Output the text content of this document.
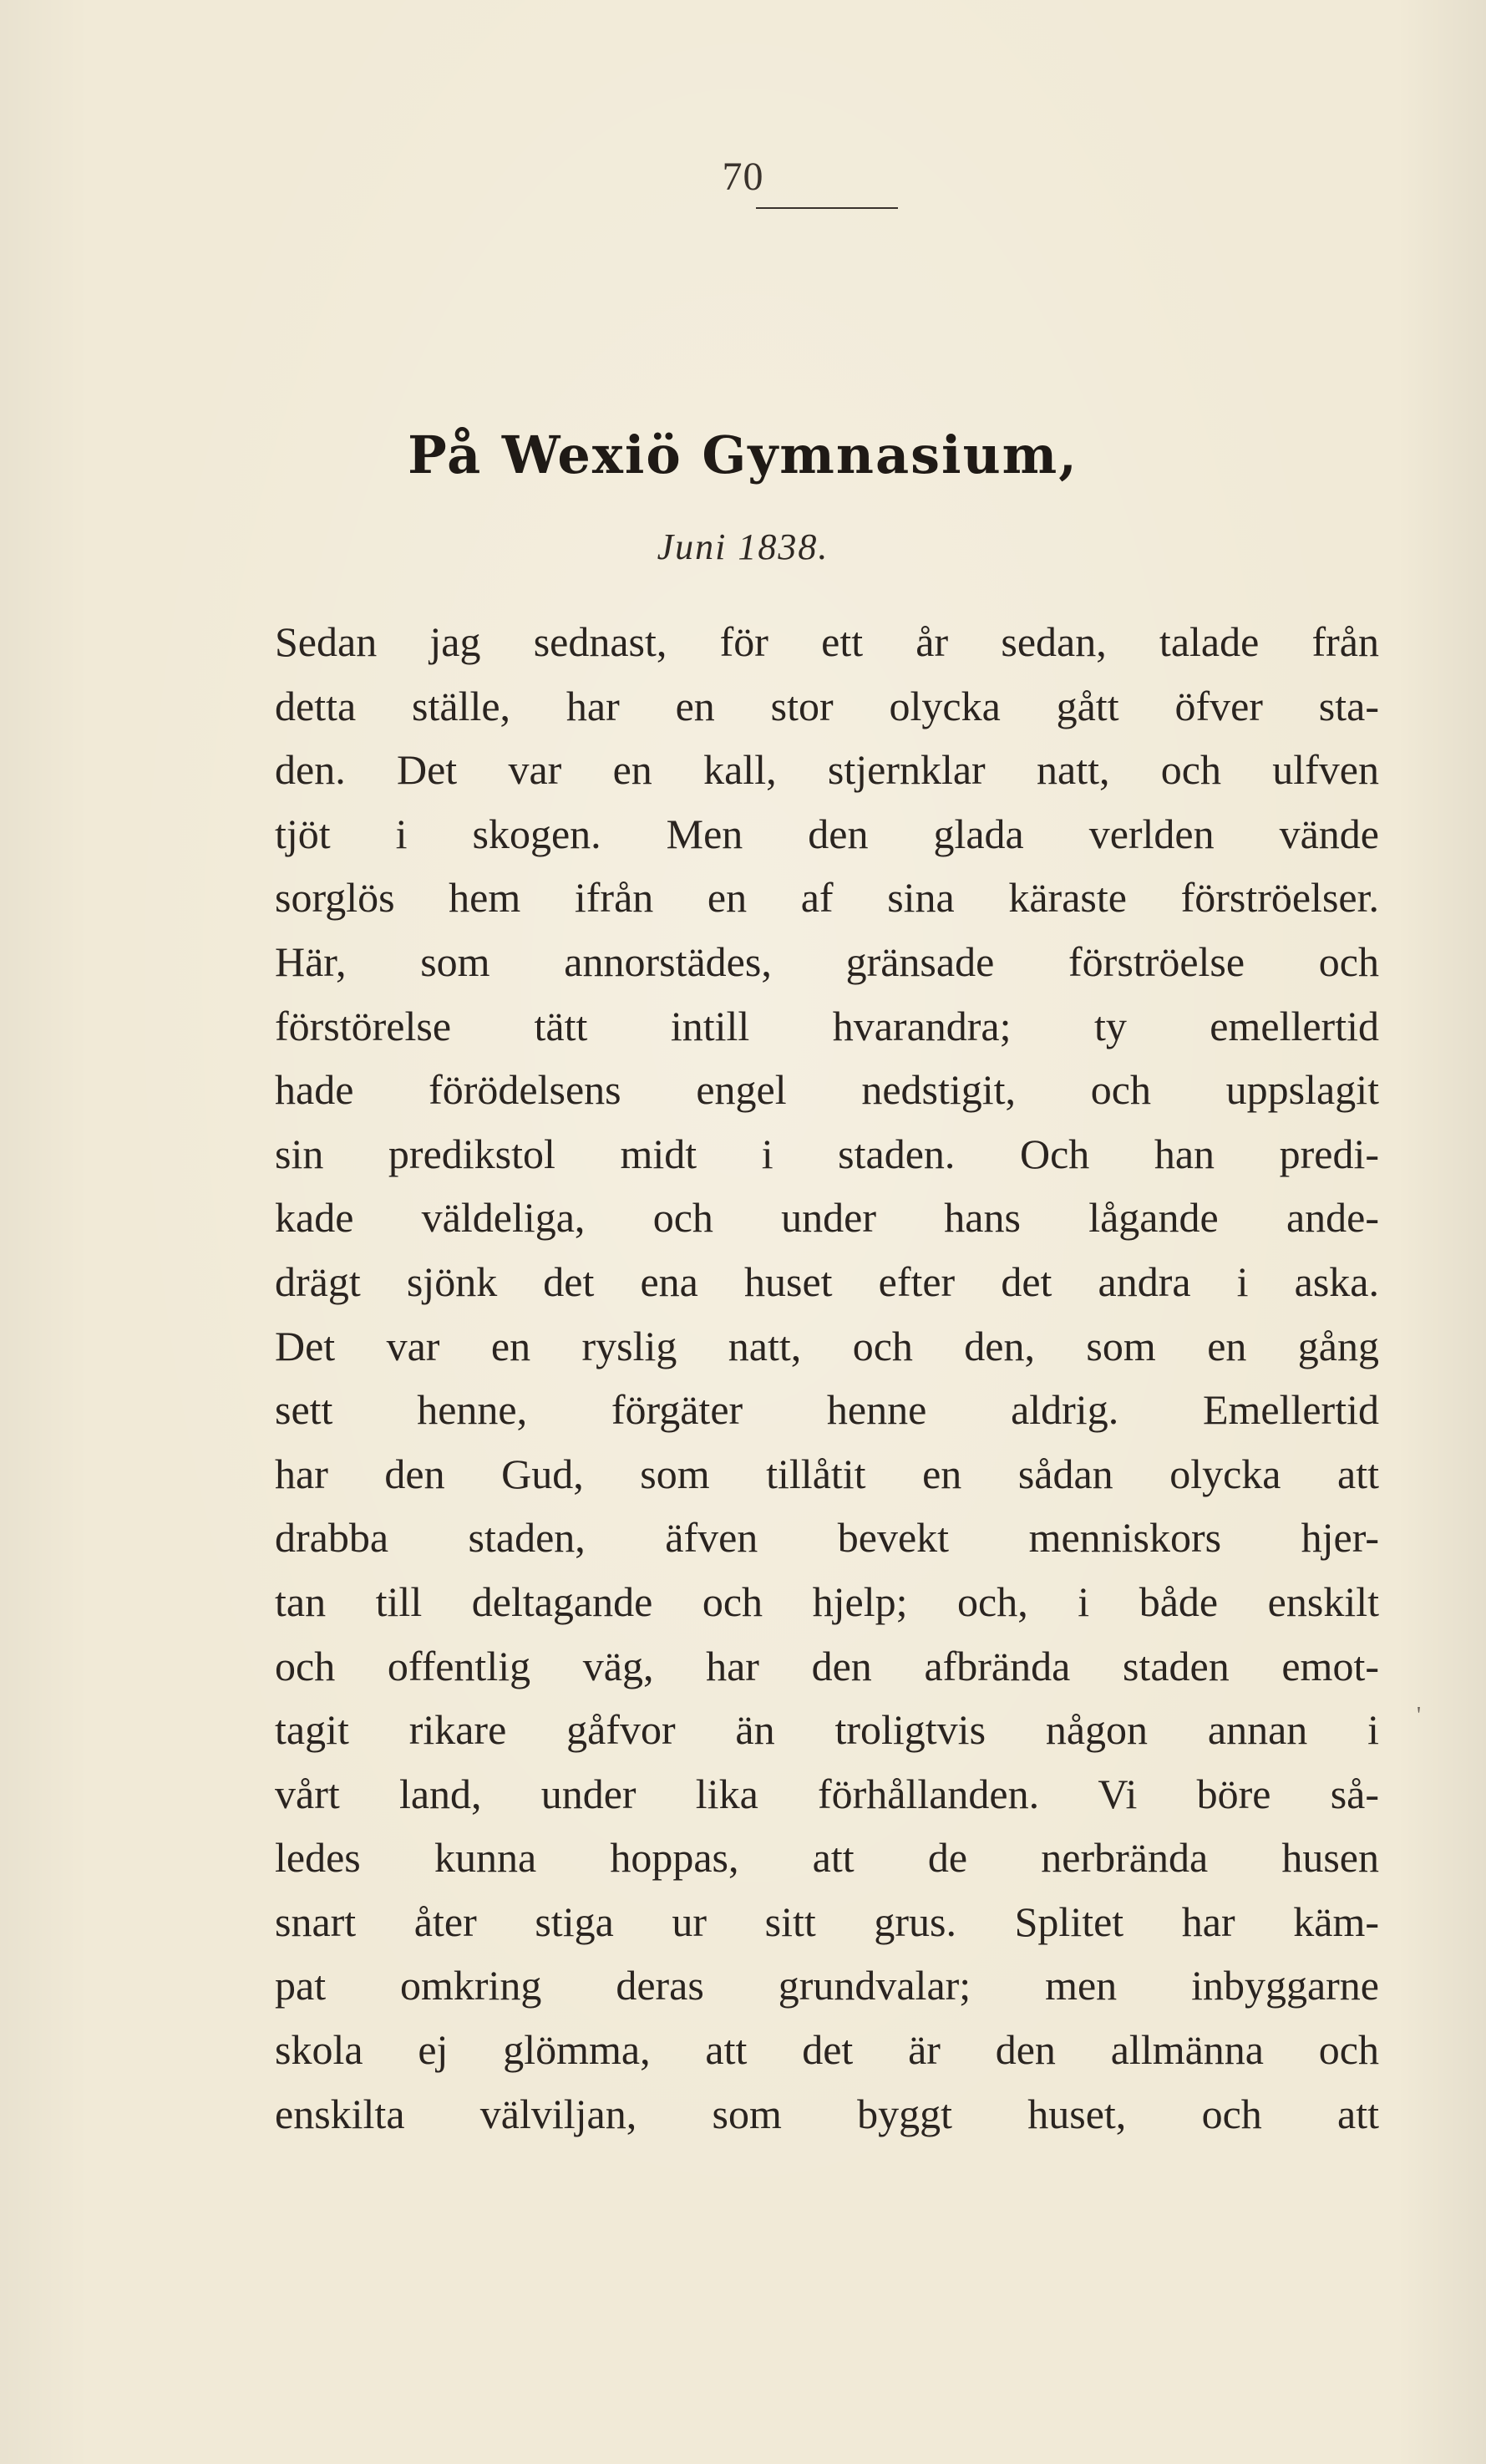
70
På Wexiö Gymnasium,
Juni 1838.
Sedan jag sednast, för ett år sedan, talade från
detta ställe, har en stor olycka gått öfver sta-
den. Det var en kall, stjernklar natt, och ulfven
tjöt i skogen. Men den glada verlden vände
sorglös hem ifrån en af sina käraste förströelser.
Här, som annorstädes, gränsade förströelse och
förstörelse tätt intill hvarandra; ty emellertid
hade förödelsens engel nedstigit, och uppslagit
sin predikstol midt i staden. Och han predi-
kade väldeliga, och under hans lågande ande-
drägt sjönk det ena huset efter det andra i aska.
Det var en ryslig natt, och den, som en gång
sett henne, förgäter henne aldrig. Emellertid
har den Gud, som tillåtit en sådan olycka att
drabba staden, äfven bevekt menniskors hjer-
tan till deltagande och hjelp; och, i både enskilt
och offentlig väg, har den afbrända staden emot-
tagit rikare gåfvor än troligtvis någon annan i
vårt land, under lika förhållanden. Vi böre så-
ledes kunna hoppas, att de nerbrända husen
snart åter stiga ur sitt grus. Splitet har käm-
pat omkring deras grundvalar; men inbyggarne
skola ej glömma, att det är den allmänna och
enskilta välviljan, som byggt huset, och att
'
